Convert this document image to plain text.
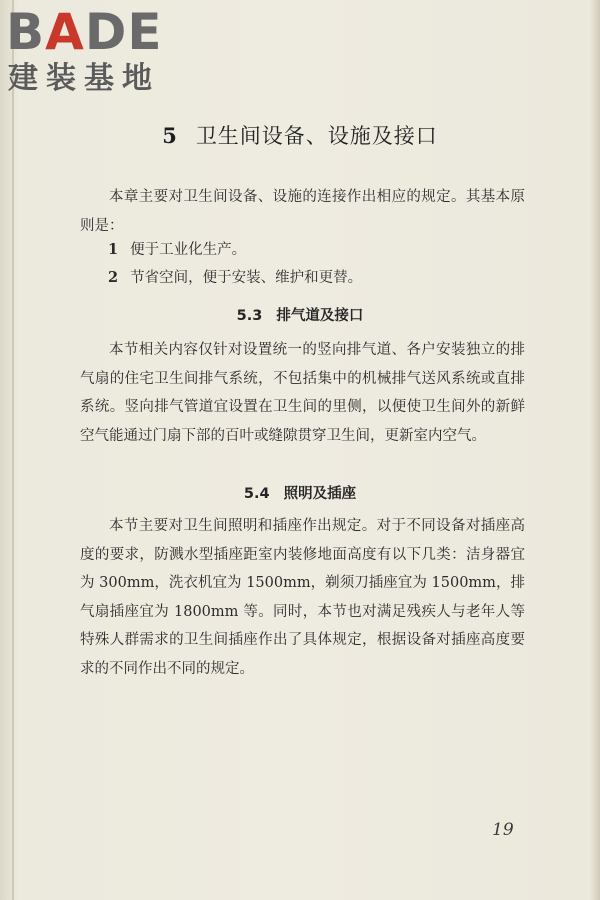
BADE
建装基地
5 卫生间设备、设施及接口
本章主要对卫生间设备、设施的连接作出相应的规定。其基本原则是：
1 便于工业化生产。
2 节省空间，便于安装、维护和更替。
5.3 排气道及接口
本节相关内容仅针对设置统一的竖向排气道、各户安装独立的排气扇的住宅卫生间排气系统，不包括集中的机械排气送风系统或直排系统。竖向排气管道宜设置在卫生间的里侧，以便使卫生间外的新鲜空气能通过门扇下部的百叶或缝隙贯穿卫生间，更新室内空气。
5.4 照明及插座
本节主要对卫生间照明和插座作出规定。对于不同设备对插座高度的要求，防溅水型插座距室内装修地面高度有以下几类：洁身器宜为 300mm，洗衣机宜为 1500mm，剃须刀插座宜为 1500mm，排气扇插座宜为 1800mm 等。同时，本节也对满足残疾人与老年人等特殊人群需求的卫生间插座作出了具体规定，根据设备对插座高度要求的不同作出不同的规定。
19
